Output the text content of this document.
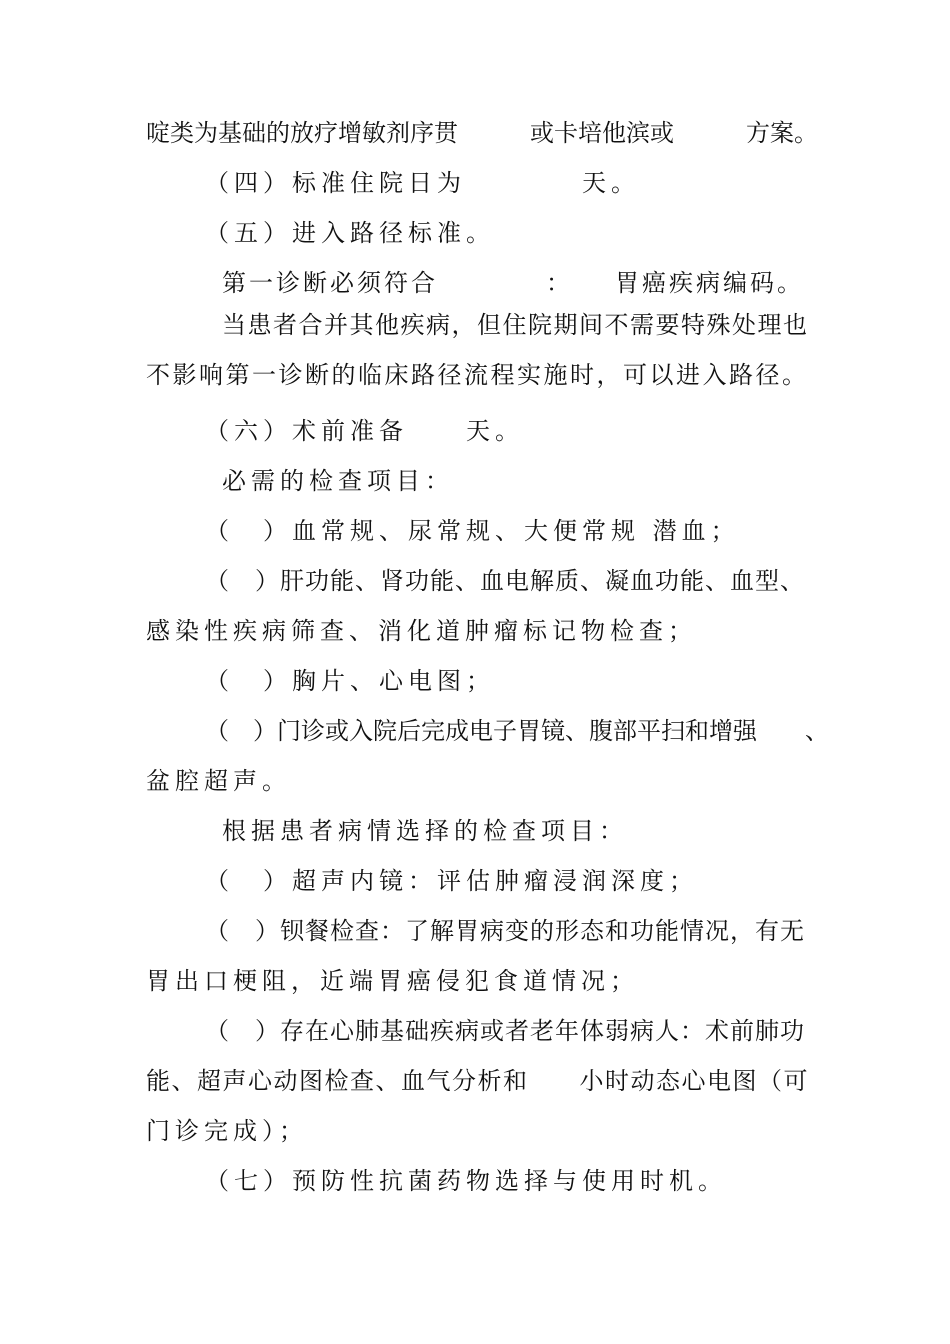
啶类为基础的放疗增敏剂序贯　　　或卡培他滨或　　　方案。
（四）标准住院日为　　　　天。
（五）进入路径标准。
第一诊断必须符合　　　　：　　胃癌疾病编码。
当患者合并其他疾病，但住院期间不需要特殊处理也
不影响第一诊断的临床路径流程实施时，可以进入路径。
（六）术前准备　　天。
必需的检查项目：
（　）血常规、尿常规、大便常规 潜血；
（　）肝功能、肾功能、血电解质、凝血功能、血型、
感染性疾病筛查、消化道肿瘤标记物检查；
（　）胸片、心电图；
（　）门诊或入院后完成电子胃镜、腹部平扫和增强　　、
盆腔超声。
根据患者病情选择的检查项目：
（　）超声内镜：评估肿瘤浸润深度；
（　）钡餐检查：了解胃病变的形态和功能情况，有无
胃出口梗阻，近端胃癌侵犯食道情况；
（　）存在心肺基础疾病或者老年体弱病人：术前肺功
能、超声心动图检查、血气分析和　　小时动态心电图（可
门诊完成）；
（七）预防性抗菌药物选择与使用时机。
